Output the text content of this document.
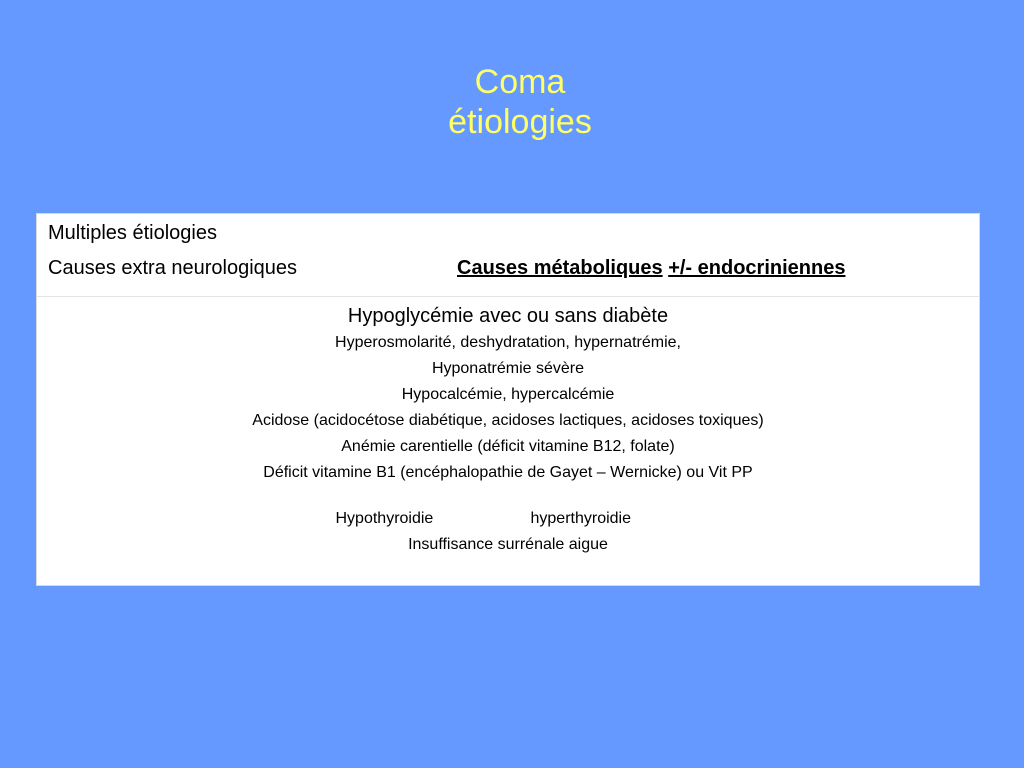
Coma
étiologies
Multiples étiologies
Causes extra neurologiques	Causes métaboliques +/- endocriniennes
Hypoglycémie avec ou sans diabète
Hyperosmolarité, deshydratation, hypernatrémie,
Hyponatrémie sévère
Hypocalcémie, hypercalcémie
Acidose (acidocétose diabétique, acidoses lactiques, acidoses toxiques)
Anémie carentielle (déficit vitamine B12, folate)
Déficit vitamine B1 (encéphalopathie de Gayet – Wernicke) ou Vit PP
Hypothyroidie	hyperthyroidie
Insuffisance surrénale aigue
